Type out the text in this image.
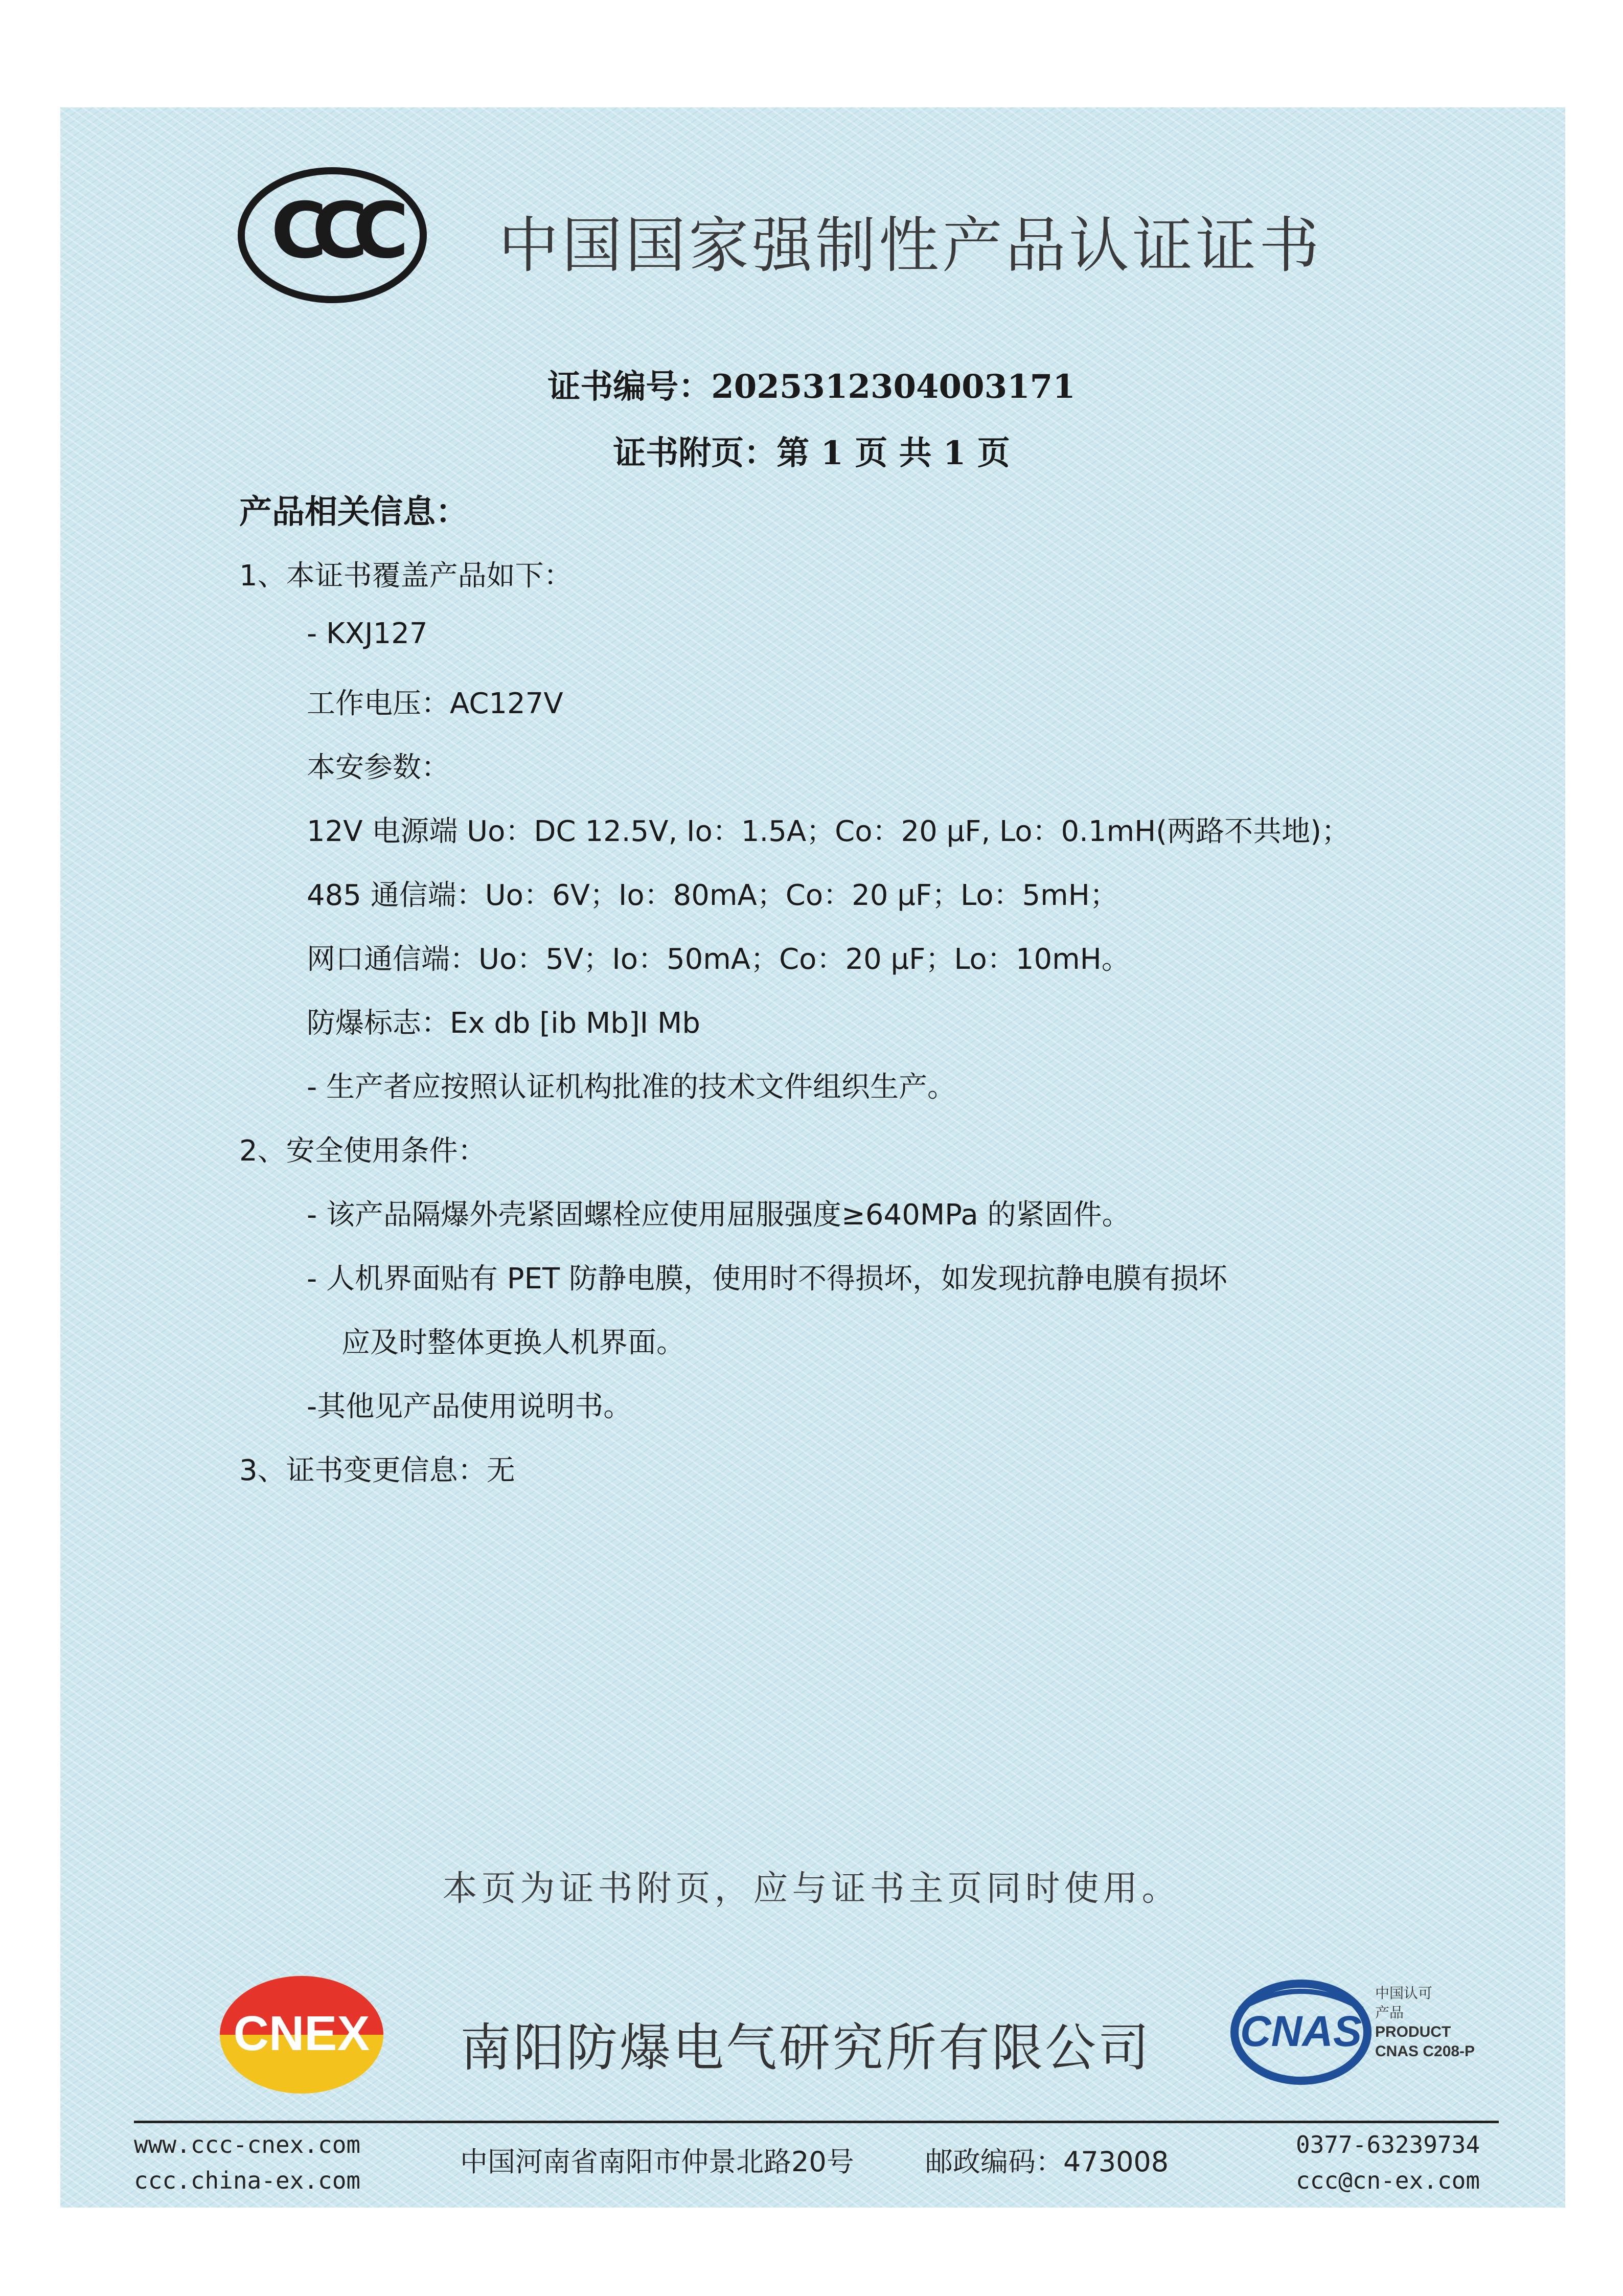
CCC 中国国家强制性产品认证证书
证书编号：2025312304003171
证书附页：第 1 页 共 1 页
产品相关信息：
1、本证书覆盖产品如下：
- KXJ127
工作电压：AC127V
本安参数：
12V 电源端 Uo：DC 12.5V, Io：1.5A；Co：20 μF, Lo：0.1mH(两路不共地)；
485 通信端：Uo：6V；Io：80mA；Co：20 μF；Lo：5mH；
网口通信端：Uo：5V；Io：50mA；Co：20 μF；Lo：10mH。
防爆标志：Ex db [ib Mb]I Mb
- 生产者应按照认证机构批准的技术文件组织生产。
2、安全使用条件：
- 该产品隔爆外壳紧固螺栓应使用屈服强度≥640MPa 的紧固件。
- 人机界面贴有 PET 防静电膜，使用时不得损坏，如发现抗静电膜有损坏
应及时整体更换人机界面。
-其他见产品使用说明书。
3、证书变更信息：无
本页为证书附页，应与证书主页同时使用。
CNEX 南阳防爆电气研究所有限公司 CNAS
中国认可
产品
PRODUCT
CNAS C208-P
www.ccc-cnex.com
ccc.china-ex.com
中国河南省南阳市仲景北路20号	邮政编码：473008
0377-63239734
ccc@cn-ex.com
